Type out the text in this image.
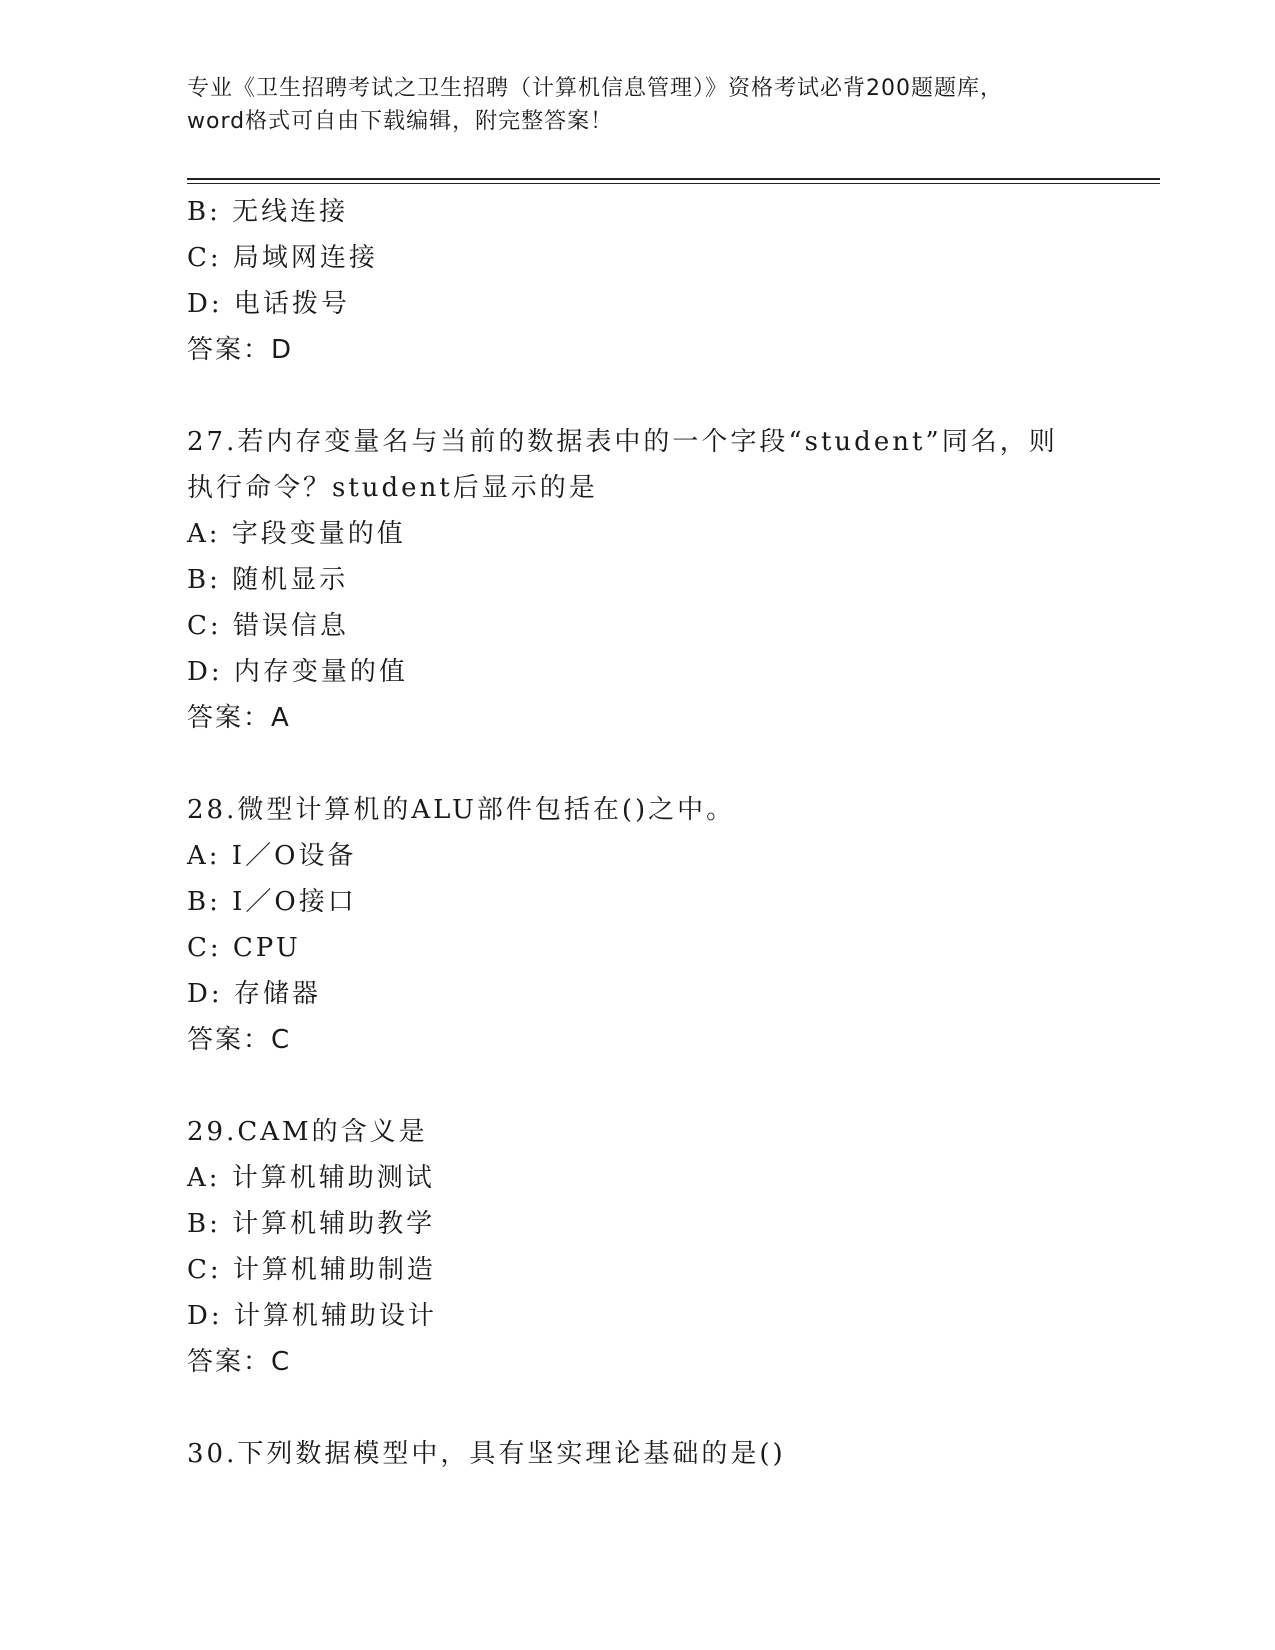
专业《卫生招聘考试之卫生招聘（计算机信息管理）》资格考试必背200题题库，
word格式可自由下载编辑，附完整答案！
B: 无线连接
C: 局域网连接
D: 电话拨号
答案：D
27.若内存变量名与当前的数据表中的一个字段“student”同名，则
执行命令？student后显示的是
A: 字段变量的值
B: 随机显示
C: 错误信息
D: 内存变量的值
答案：A
28.微型计算机的ALU部件包括在()之中。
A: I／O设备
B: I／O接口
C: CPU
D: 存储器
答案：C
29.CAM的含义是
A: 计算机辅助测试
B: 计算机辅助教学
C: 计算机辅助制造
D: 计算机辅助设计
答案：C
30.下列数据模型中，具有坚实理论基础的是()
